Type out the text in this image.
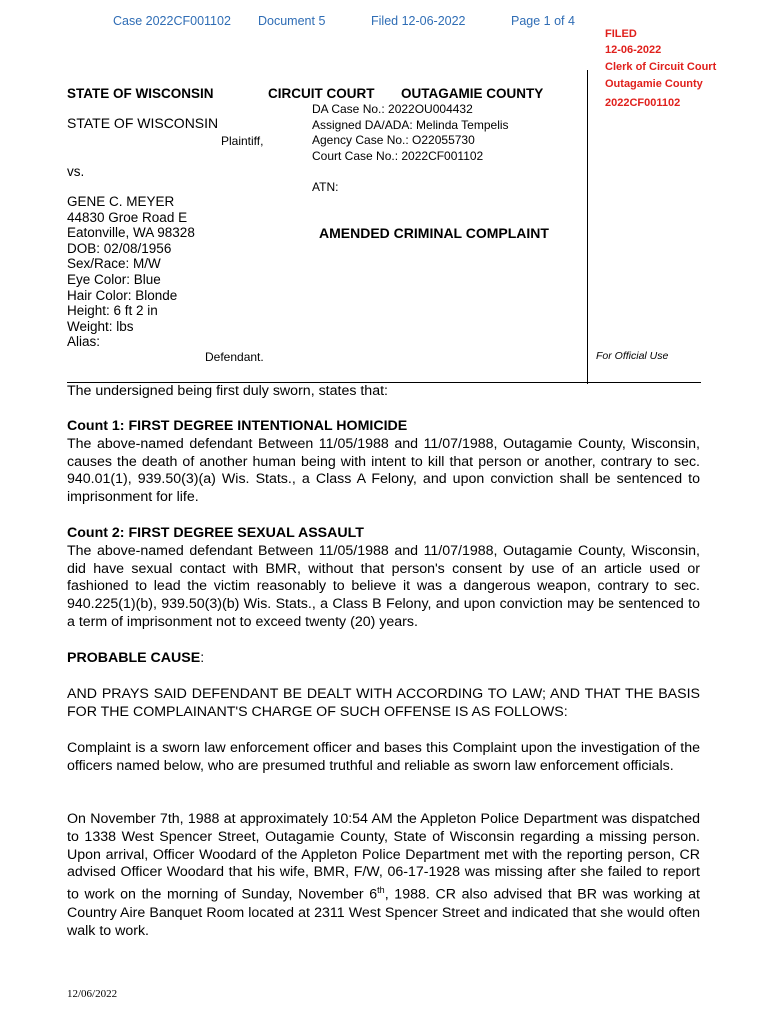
Case 2022CF001102 Document 5	Filed 12-06-2022	Page 1 of 4
FILED
12-06-2022
Clerk of Circuit Court
Outagamie County
2022CF001102
STATE OF WISCONSIN	CIRCUIT COURT OUTAGAMIE COUNTY
DA Case No.: 2022OU004432
Assigned DA/ADA: Melinda Tempelis
Agency Case No.: O22055730
Court Case No.: 2022CF001102
ATN:
STATE OF WISCONSIN
Plaintiff,
vs.
GENE C. MEYER
44830 Groe Road E
Eatonville, WA 98328
DOB: 02/08/1956
Sex/Race: M/W
Eye Color: Blue
Hair Color: Blonde
Height: 6 ft 2 in
Weight: lbs
Alias:
Defendant.
AMENDED CRIMINAL COMPLAINT
For Official Use
The undersigned being first duly sworn, states that:
Count 1: FIRST DEGREE INTENTIONAL HOMICIDE
The above-named defendant Between 11/05/1988 and 11/07/1988, Outagamie County, Wisconsin, causes the death of another human being with intent to kill that person or another, contrary to sec. 940.01(1), 939.50(3)(a) Wis. Stats., a Class A Felony, and upon conviction shall be sentenced to imprisonment for life.
Count 2: FIRST DEGREE SEXUAL ASSAULT
The above-named defendant Between 11/05/1988 and 11/07/1988, Outagamie County, Wisconsin, did have sexual contact with BMR, without that person's consent by use of an article used or fashioned to lead the victim reasonably to believe it was a dangerous weapon, contrary to sec. 940.225(1)(b), 939.50(3)(b) Wis. Stats., a Class B Felony, and upon conviction may be sentenced to a term of imprisonment not to exceed twenty (20) years.
PROBABLE CAUSE:
AND PRAYS SAID DEFENDANT BE DEALT WITH ACCORDING TO LAW; AND THAT THE BASIS FOR THE COMPLAINANT'S CHARGE OF SUCH OFFENSE IS AS FOLLOWS:
Complaint is a sworn law enforcement officer and bases this Complaint upon the investigation of the officers named below, who are presumed truthful and reliable as sworn law enforcement officials.
On November 7th, 1988 at approximately 10:54 AM the Appleton Police Department was dispatched to 1338 West Spencer Street, Outagamie County, State of Wisconsin regarding a missing person. Upon arrival, Officer Woodard of the Appleton Police Department met with the reporting person, CR advised Officer Woodard that his wife, BMR, F/W, 06-17-1928 was missing after she failed to report to work on the morning of Sunday, November 6th, 1988. CR also advised that BR was working at Country Aire Banquet Room located at 2311 West Spencer Street and indicated that she would often walk to work.
12/06/2022
